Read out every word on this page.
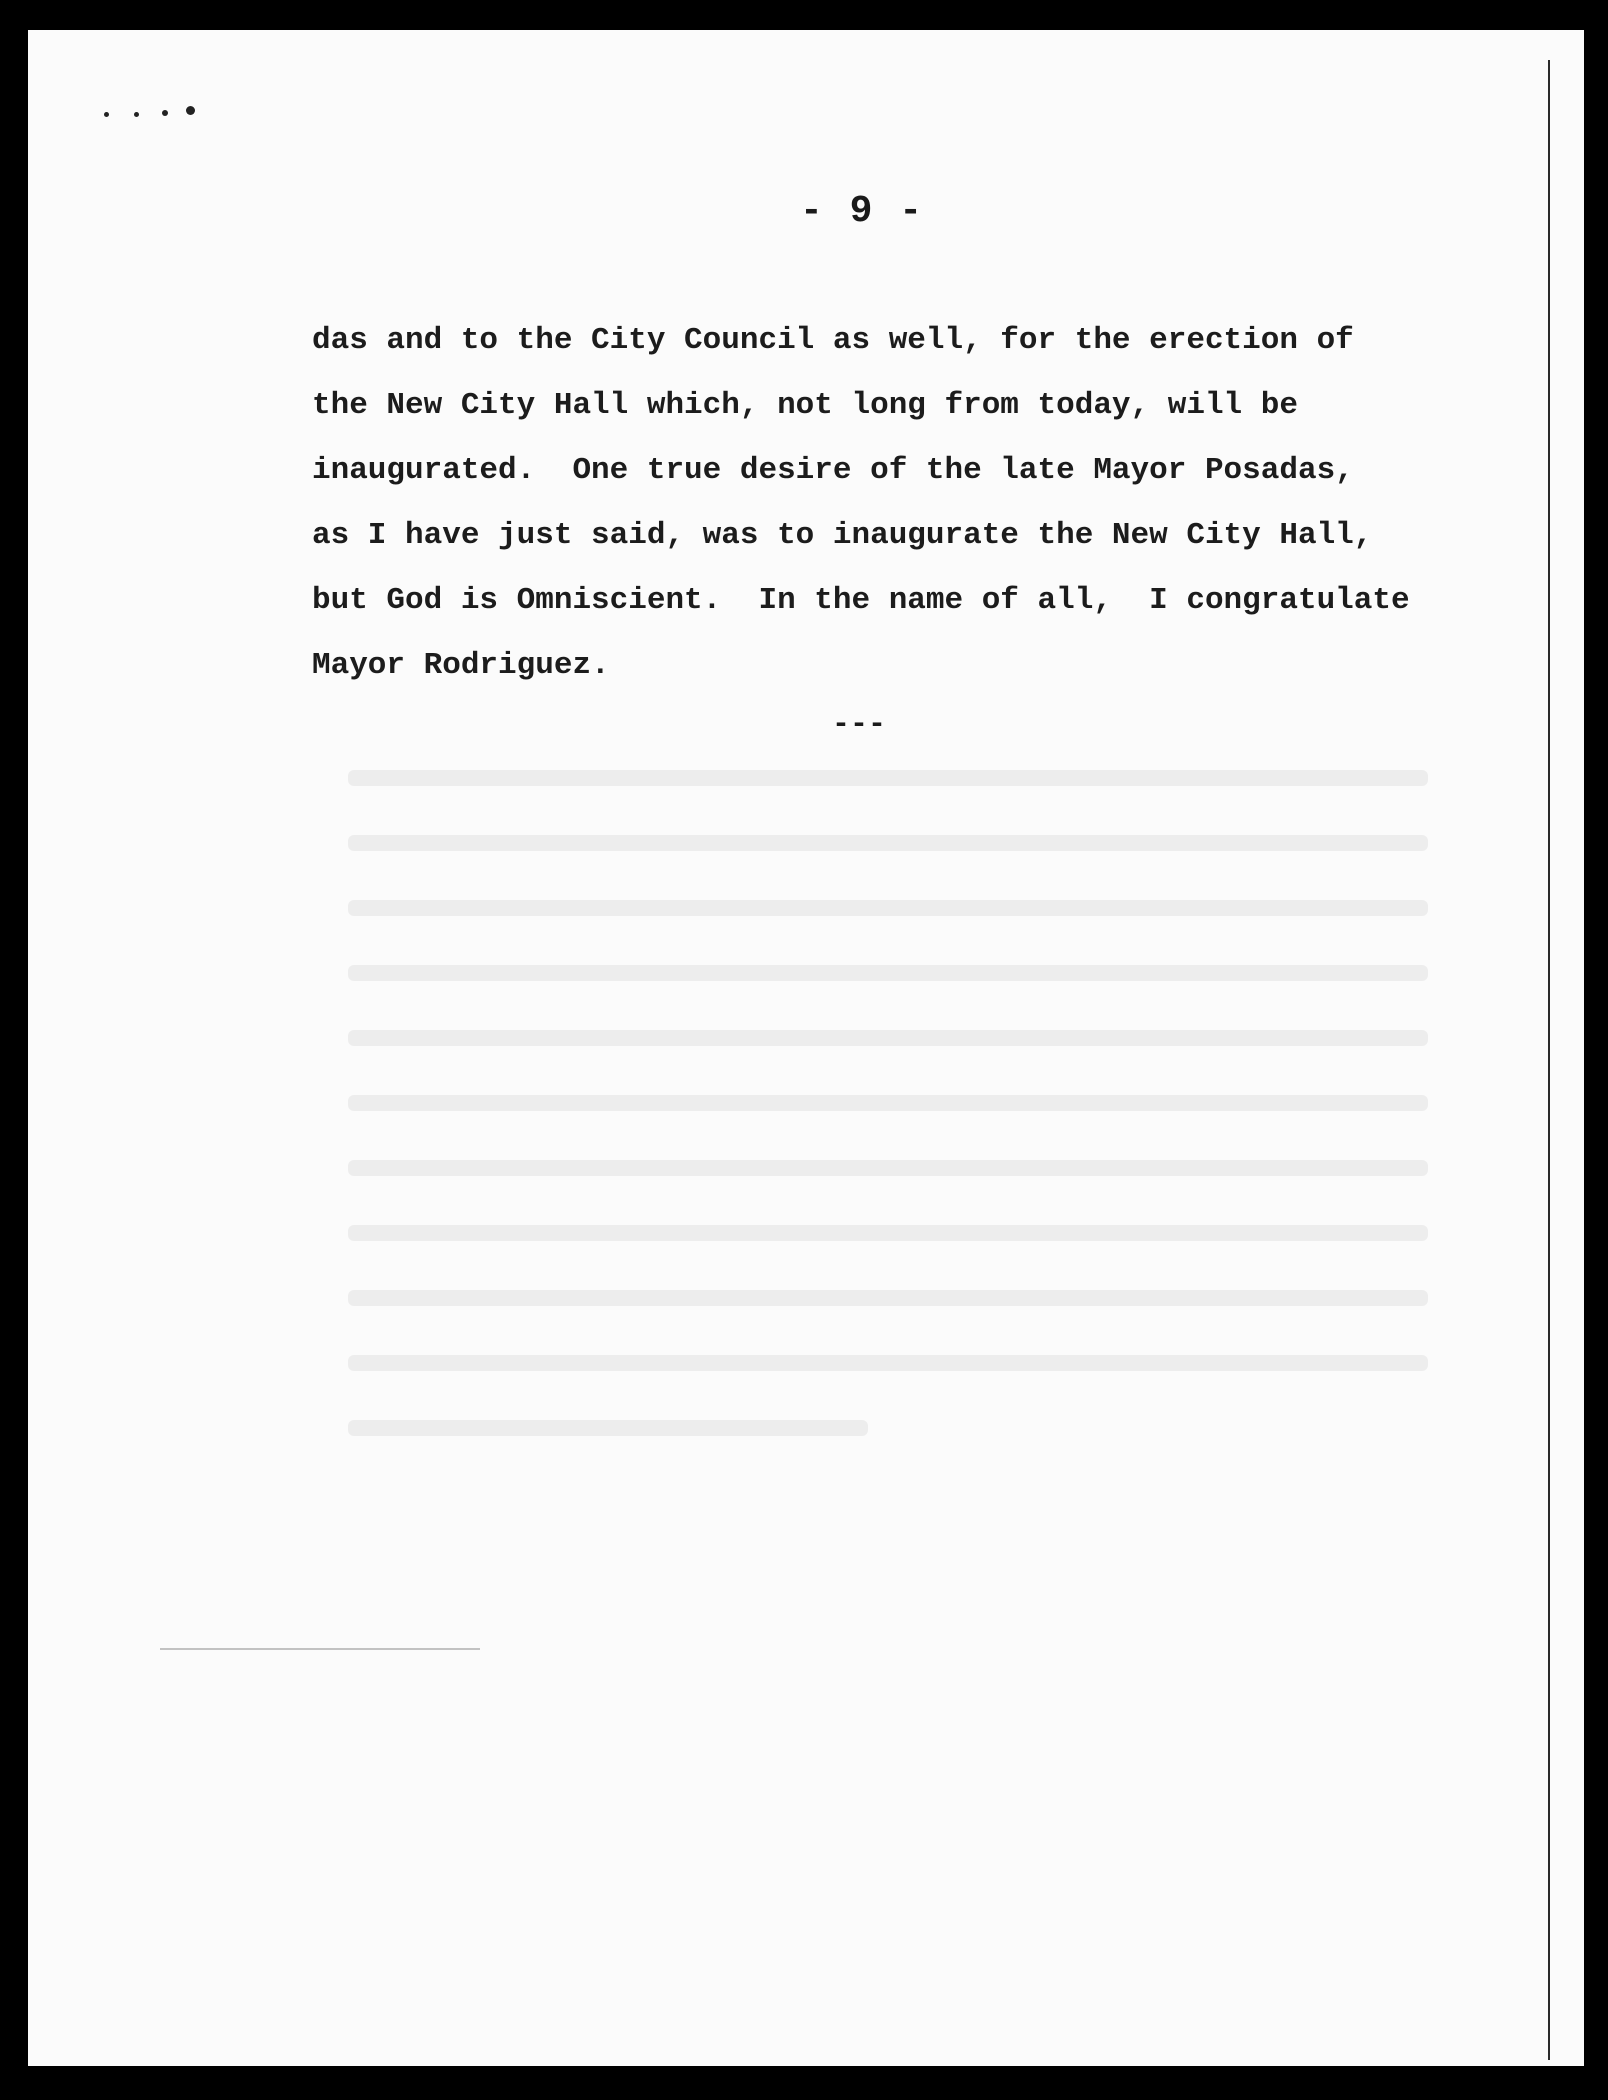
- 9 -
das and to the City Council as well, for the erection of
the New City Hall which, not long from today, will be
inaugurated.  One true desire of the late Mayor Posadas,
as I have just said, was to inaugurate the New City Hall,
but God is Omniscient.  In the name of all,  I congratulate
Mayor Rodriguez.
---
